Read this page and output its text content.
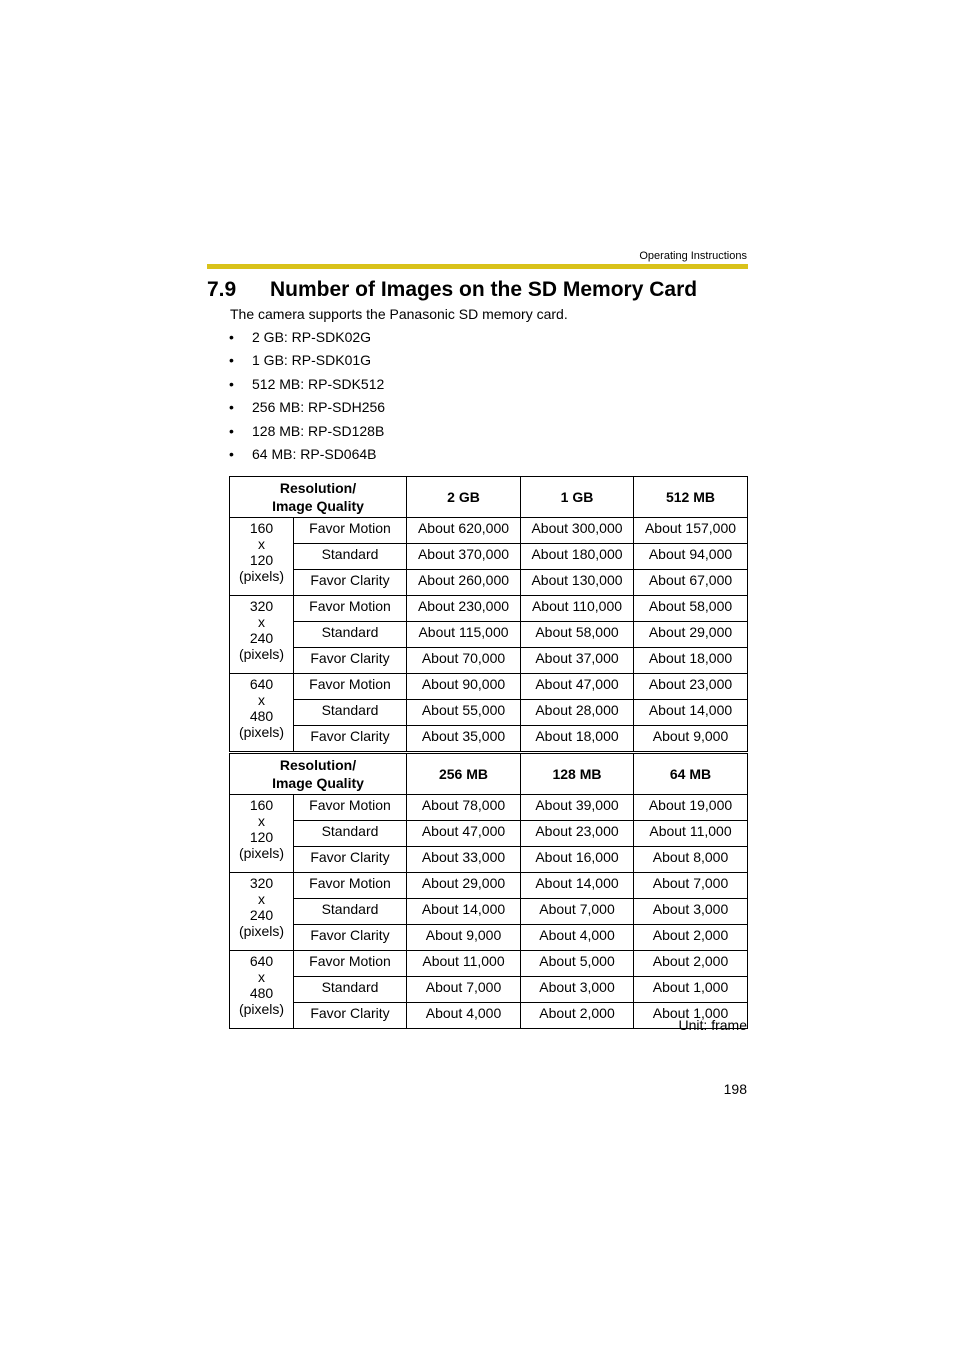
Operating Instructions
7.9 Number of Images on the SD Memory Card
The camera supports the Panasonic SD memory card.
• 2 GB: RP-SDK02G
• 1 GB: RP-SDK01G
• 512 MB: RP-SDK512
• 256 MB: RP-SDH256
• 128 MB: RP-SD128B
• 64 MB: RP-SD064B
Resolution/
Image Quality		2 GB	1 GB	512 MB

160
x
120
(pixels)	Favor Motion	About 620,000	About 300,000	About 157,000
	Standard	About 370,000	About 180,000	About 94,000
	Favor Clarity	About 260,000	About 130,000	About 67,000

320
x
240
(pixels)	Favor Motion	About 230,000	About 110,000	About 58,000
	Standard	About 115,000	About 58,000	About 29,000
	Favor Clarity	About 70,000	About 37,000	About 18,000

640
x
480
(pixels)	Favor Motion	About 90,000	About 47,000	About 23,000
	Standard	About 55,000	About 28,000	About 14,000
	Favor Clarity	About 35,000	About 18,000	About 9,000
Resolution/
Image Quality		256 MB	128 MB	64 MB

160
x
120
(pixels)	Favor Motion	About 78,000	About 39,000	About 19,000
	Standard	About 47,000	About 23,000	About 11,000
	Favor Clarity	About 33,000	About 16,000	About 8,000

320
x
240
(pixels)	Favor Motion	About 29,000	About 14,000	About 7,000
	Standard	About 14,000	About 7,000	About 3,000
	Favor Clarity	About 9,000	About 4,000	About 2,000

640
x
480
(pixels)	Favor Motion	About 11,000	About 5,000	About 2,000
	Standard	About 7,000	About 3,000	About 1,000
	Favor Clarity	About 4,000	About 2,000	About 1,000
Unit: frame
198
